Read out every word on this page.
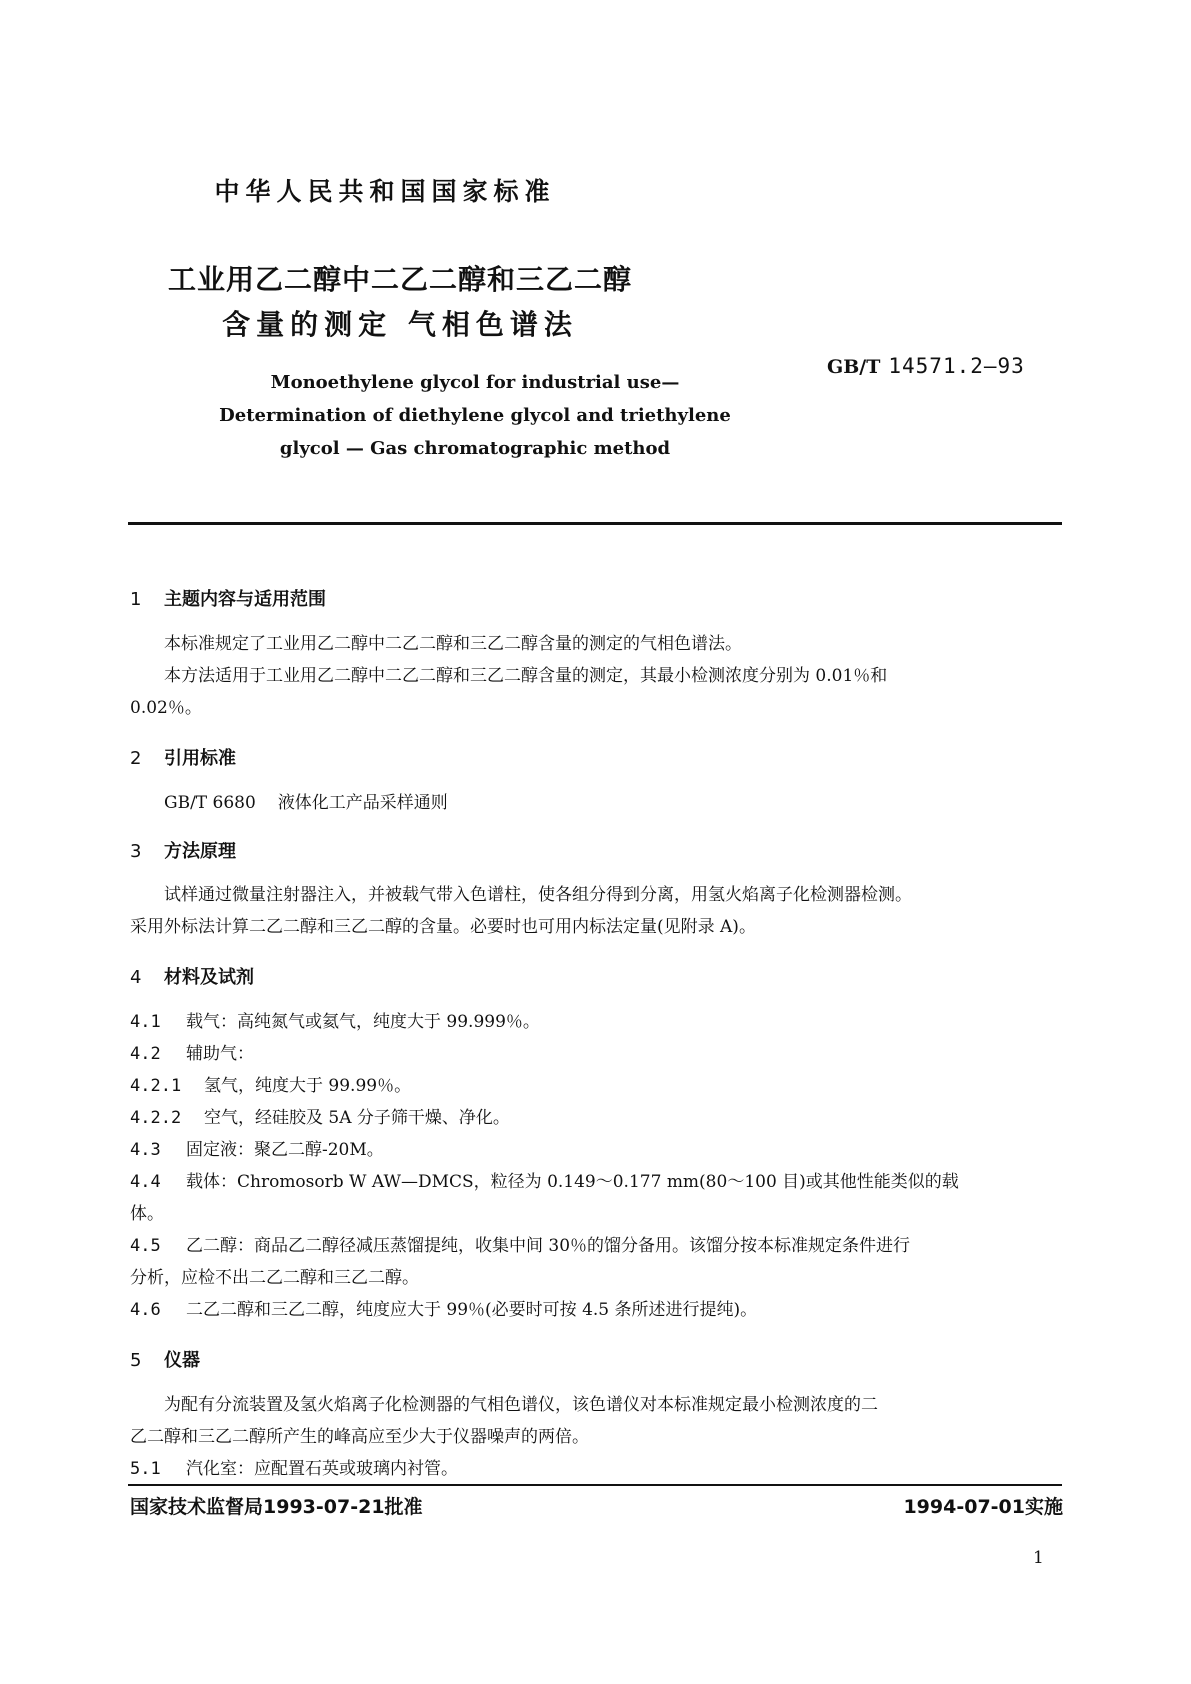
中华人民共和国国家标准
工业用乙二醇中二乙二醇和三乙二醇
含量的测定 气相色谱法
GB/T 14571.2—93
Monoethylene glycol for industrial use—
Determination of diethylene glycol and triethylene
glycol — Gas chromatographic method
1 主题内容与适用范围
本标准规定了工业用乙二醇中二乙二醇和三乙二醇含量的测定的气相色谱法。
本方法适用于工业用乙二醇中二乙二醇和三乙二醇含量的测定，其最小检测浓度分别为 0.01％和
0.02％。
2 引用标准
GB/T 6680 液体化工产品采样通则
3 方法原理
试样通过微量注射器注入，并被载气带入色谱柱，使各组分得到分离，用氢火焰离子化检测器检测。
采用外标法计算二乙二醇和三乙二醇的含量。必要时也可用内标法定量(见附录 A)。
4 材料及试剂
4.1 载气：高纯氮气或氦气，纯度大于 99.999％。
4.2 辅助气：
4.2.1 氢气，纯度大于 99.99％。
4.2.2 空气，经硅胶及 5A 分子筛干燥、净化。
4.3 固定液：聚乙二醇-20M。
4.4 载体：Chromosorb W AW—DMCS，粒径为 0.149～0.177 mm(80～100 目)或其他性能类似的载
体。
4.5 乙二醇：商品乙二醇径减压蒸馏提纯，收集中间 30％的馏分备用。该馏分按本标准规定条件进行
分析，应检不出二乙二醇和三乙二醇。
4.6 二乙二醇和三乙二醇，纯度应大于 99％(必要时可按 4.5 条所述进行提纯)。
5 仪器
为配有分流装置及氢火焰离子化检测器的气相色谱仪，该色谱仪对本标准规定最小检测浓度的二
乙二醇和三乙二醇所产生的峰高应至少大于仪器噪声的两倍。
5.1 汽化室：应配置石英或玻璃内衬管。
国家技术监督局1993-07-21批准	1994-07-01实施
1
